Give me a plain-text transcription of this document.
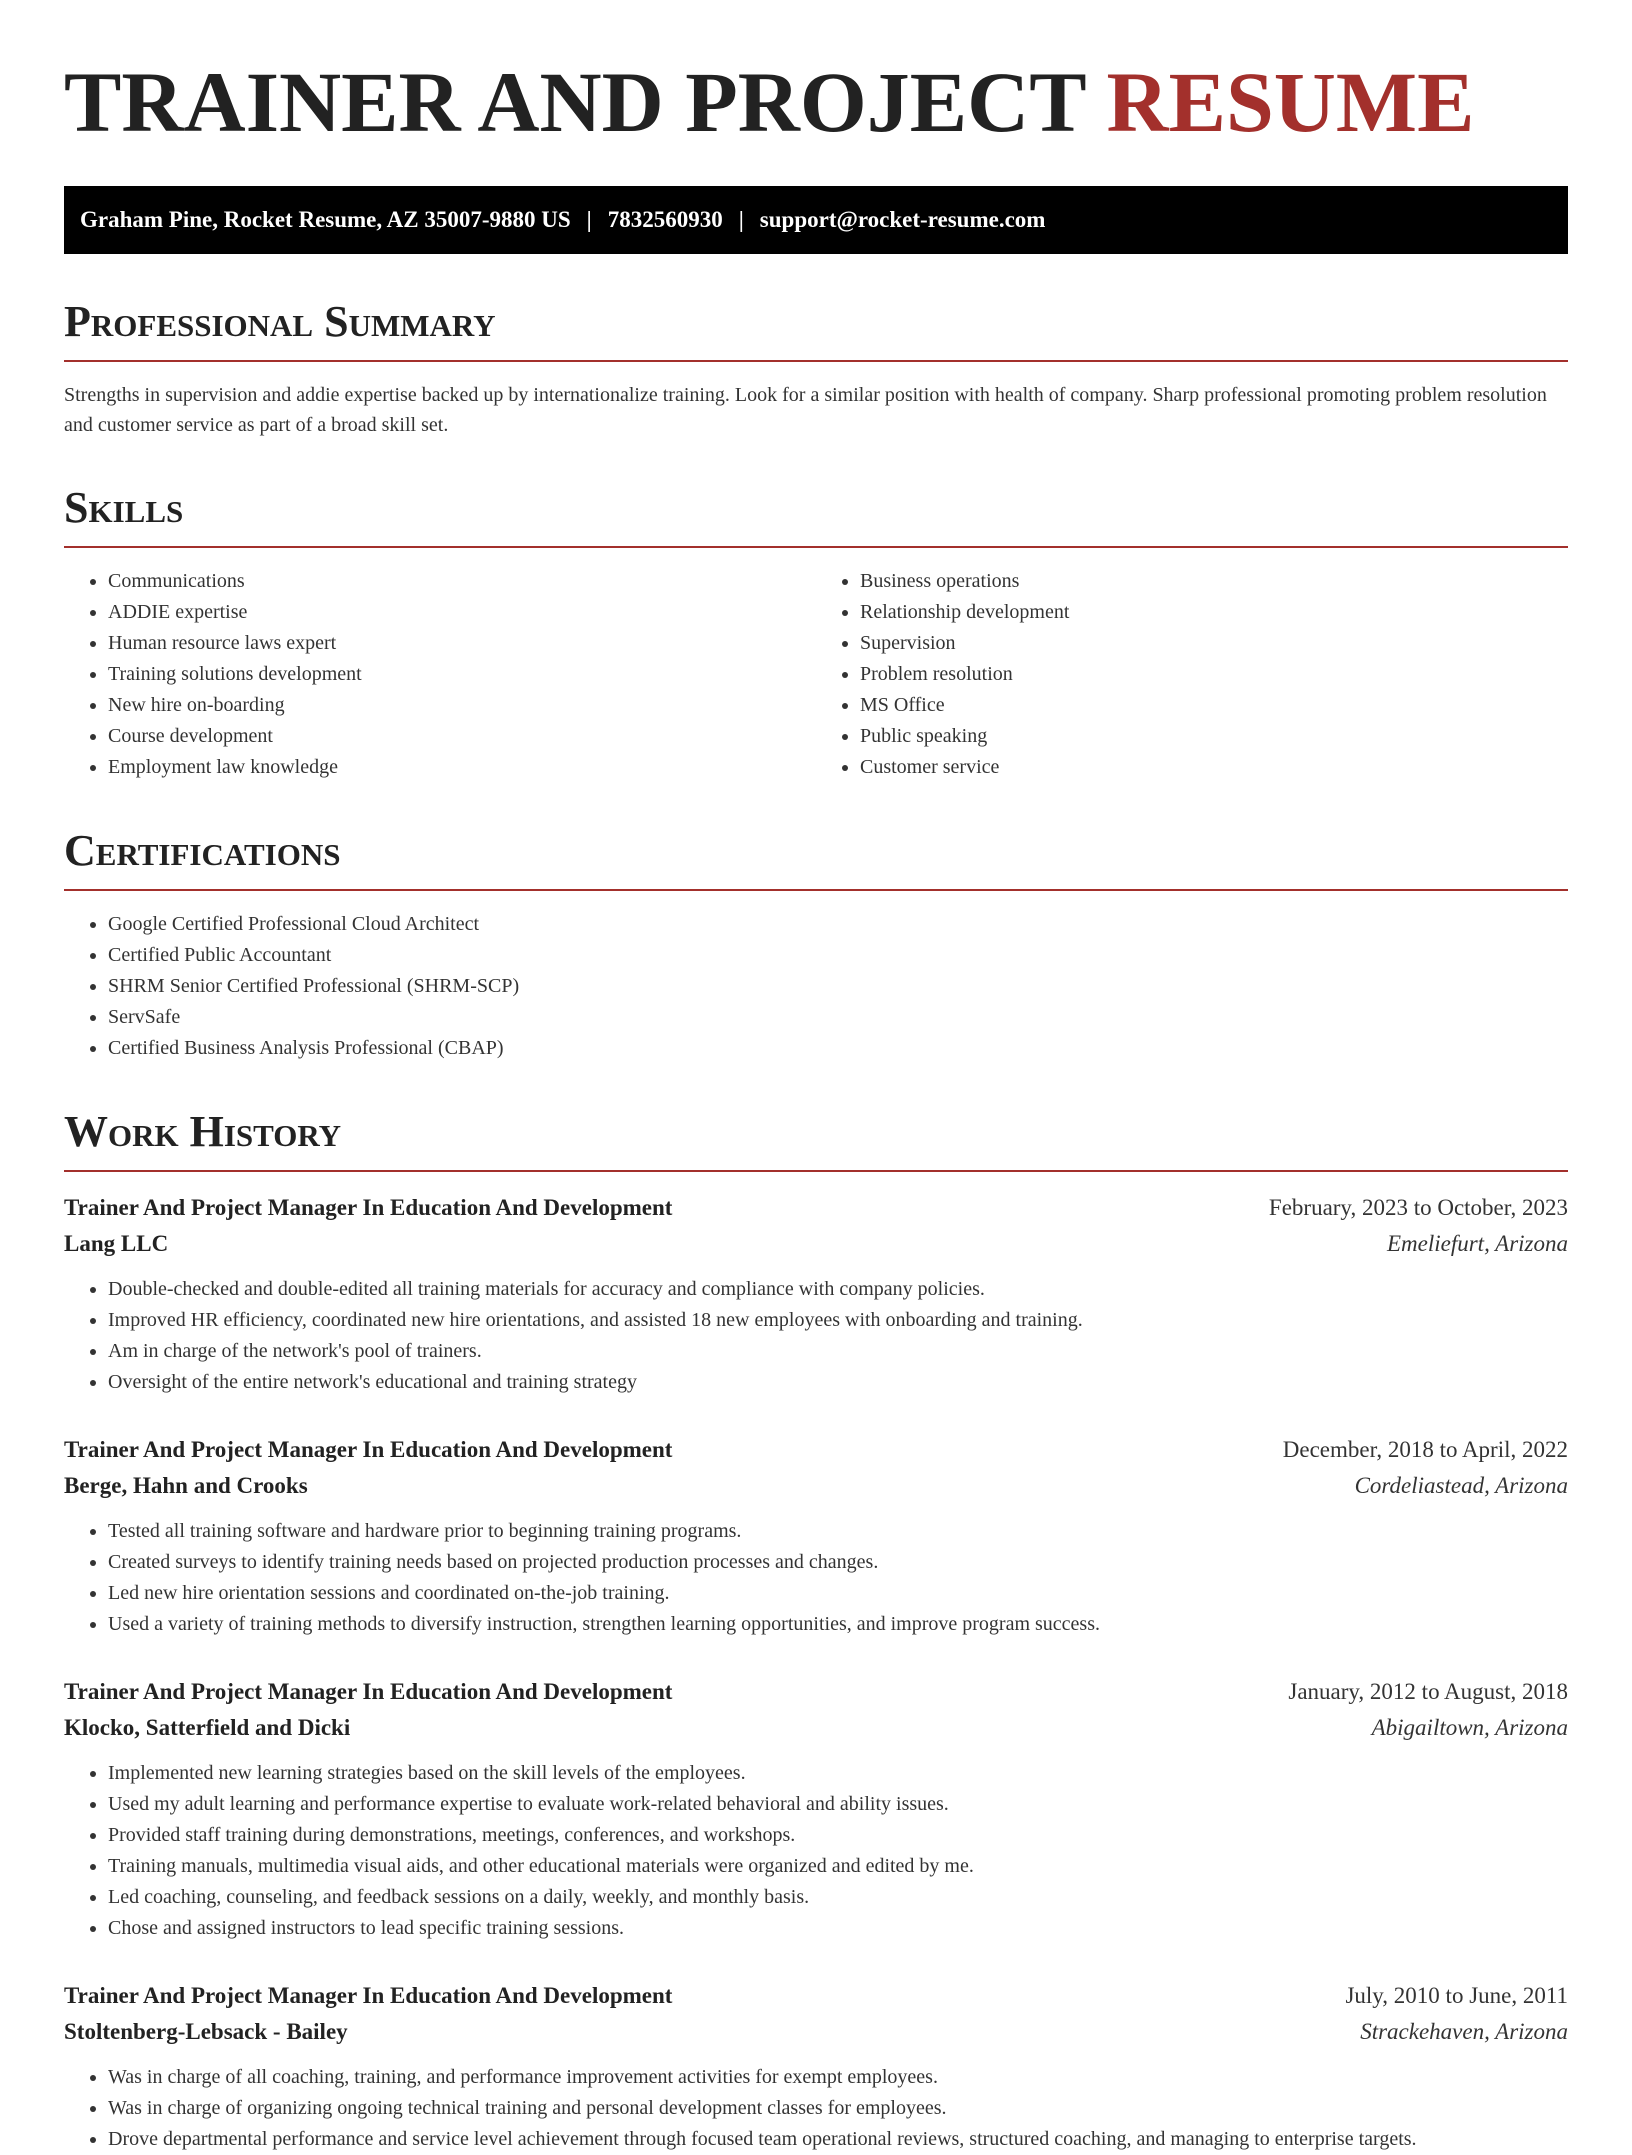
TRAINER AND PROJECT RESUME
Graham Pine, Rocket Resume, AZ 35007-9880 US | 7832560930 | support@rocket-resume.com
Professional Summary

Strengths in supervision and addie expertise backed up by internationalize training. Look for a similar position with health of company. Sharp professional promoting problem resolution and customer service as part of a broad skill set.

Skills
• Communications
• ADDIE expertise
• Human resource laws expert
• Training solutions development
• New hire on-boarding
• Course development
• Employment law knowledge
• Business operations
• Relationship development
• Supervision
• Problem resolution
• MS Office
• Public speaking
• Customer service
Certifications
• Google Certified Professional Cloud Architect
• Certified Public Accountant
• SHRM Senior Certified Professional (SHRM-SCP)
• ServSafe
• Certified Business Analysis Professional (CBAP)
Work History
Trainer And Project Manager In Education And Development	February, 2023 to October, 2023
Lang LLC	Emeliefurt, Arizona
• Double-checked and double-edited all training materials for accuracy and compliance with company policies.
• Improved HR efficiency, coordinated new hire orientations, and assisted 18 new employees with onboarding and training.
• Am in charge of the network's pool of trainers.
• Oversight of the entire network's educational and training strategy
Trainer And Project Manager In Education And Development	December, 2018 to April, 2022
Berge, Hahn and Crooks	Cordeliastead, Arizona
• Tested all training software and hardware prior to beginning training programs.
• Created surveys to identify training needs based on projected production processes and changes.
• Led new hire orientation sessions and coordinated on-the-job training.
• Used a variety of training methods to diversify instruction, strengthen learning opportunities, and improve program success.
Trainer And Project Manager In Education And Development	January, 2012 to August, 2018
Klocko, Satterfield and Dicki	Abigailtown, Arizona
• Implemented new learning strategies based on the skill levels of the employees.
• Used my adult learning and performance expertise to evaluate work-related behavioral and ability issues.
• Provided staff training during demonstrations, meetings, conferences, and workshops.
• Training manuals, multimedia visual aids, and other educational materials were organized and edited by me.
• Led coaching, counseling, and feedback sessions on a daily, weekly, and monthly basis.
• Chose and assigned instructors to lead specific training sessions.
Trainer And Project Manager In Education And Development	July, 2010 to June, 2011
Stoltenberg-Lebsack - Bailey	Strackehaven, Arizona
• Was in charge of all coaching, training, and performance improvement activities for exempt employees.
• Was in charge of organizing ongoing technical training and personal development classes for employees.
• Drove departmental performance and service level achievement through focused team operational reviews, structured coaching, and managing to enterprise targets.
